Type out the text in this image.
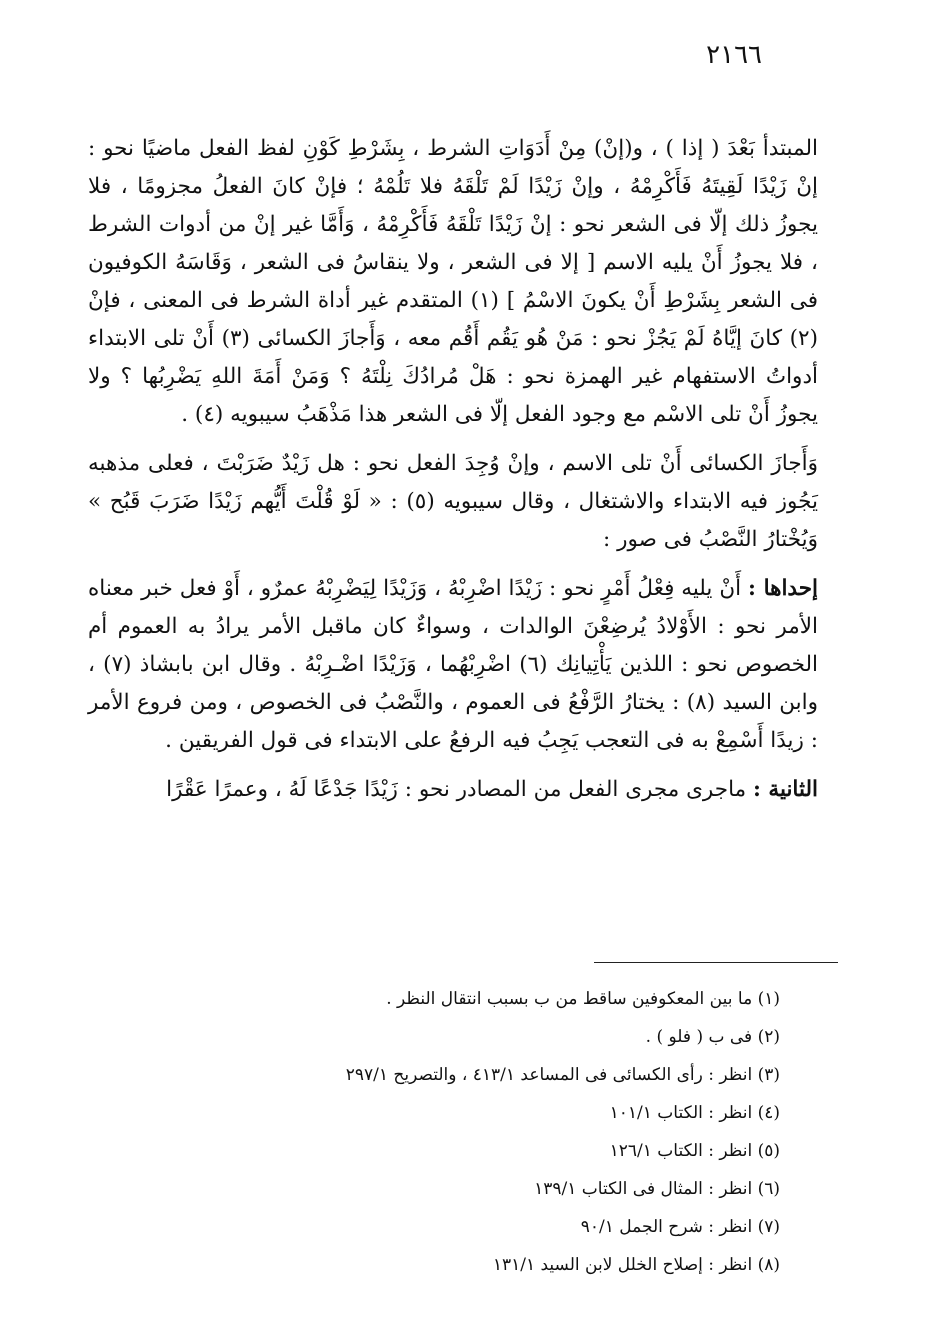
٢١٦٦

المبتدأ بَعْدَ ( إذا ) ، و(إنْ) مِنْ أَدَوَاتِ الشرط ، بِشَرْطِ كَوْنِ لفظ الفعل ماضيًا نحو : إنْ زَيْدًا لَقِيتَهُ فَأَكْرِمْهُ ، وإنْ زَيْدًا لَمْ تَلْقَهُ فلا تَلُمْهُ ؛ فإنْ كانَ الفعلُ مجزومًا ، فلا يجوزُ ذلك إلّا فى الشعر نحو : إنْ زَيْدًا تَلْقَهُ فَأَكْرِمْهُ ، وَأَمَّا غير إنْ من أدوات الشرط ، فلا يجوزُ أَنْ يليه الاسم [ إلا فى الشعر ، ولا ينقاسُ فى الشعر ، وَقَاسَهُ الكوفيون فى الشعر بِشَرْطِ أَنْ يكونَ الاسْمُ ] (١) المتقدم غير أداة الشرط فى المعنى ، فإنْ (٢) كانَ إيَّاهُ لَمْ يَجُزْ نحو : مَنْ هُو يَقُم أَقُم معه ، وَأَجازَ الكسائى (٣) أَنْ تلى الابتداء أدواتُ الاستفهام غير الهمزة نحو : هَلْ مُرادُكَ نِلْتَهُ ؟ وَمَنْ أَمَةَ اللهِ يَضْرِبُها ؟ ولا يجوزُ أَنْ تلى الاسْم مع وجود الفعل إلّا فى الشعر هذا مَذْهَبُ سيبويه (٤) .

وَأَجازَ الكسائى أَنْ تلى الاسم ، وإنْ وُجِدَ الفعل نحو : هل زَيْدٌ ضَرَبْتَ ، فعلى مذهبه يَجُوز فيه الابتداء والاشتغال ، وقال سيبويه (٥) : « لَوْ قُلْتَ أَيُّهم زَيْدًا ضَرَبَ قَبُح » وَيُخْتارُ النَّصْبُ فى صور :

إحداها : أَنْ يليه فِعْلُ أَمْرٍ نحو : زَيْدًا اضْرِبْهُ ، وَزَيْدًا لِيَضْرِبْهُ عمرٌو ، أَوْ فعل خبر معناه الأمر نحو : الأَوْلادُ يُرضِعْنَ الوالدات ، وسواءٌ كان ماقبل الأمر يرادُ به العموم أم الخصوص نحو : اللذين يَأْتِيانِك (٦) اضْرِبْهُما ، وَزَيْدًا اضْـرِبْهُ . وقال ابن بابشاذ (٧) ، وابن السيد (٨) : يختارُ الرَّفْعُ فى العموم ، والنَّصْبُ فى الخصوص ، ومن فروع الأمر : زيدًا أَسْمِعْ به فى التعجب يَجِبُ فيه الرفعُ على الابتداء فى قول الفريقين .

الثانية : ماجرى مجرى الفعل من المصادر نحو : زَيْدًا جَدْعًا لَهُ ، وعمرًا عَقْرًا

(١) ما بين المعكوفين ساقط من ب بسبب انتقال النظر .
(٢) فى ب ( فلو ) .
(٣) انظر : رأى الكسائى فى المساعد ٤١٣/١ ، والتصريح ٢٩٧/١
(٤) انظر : الكتاب ١٠١/١
(٥) انظر : الكتاب ١٢٦/١
(٦) انظر : المثال فى الكتاب ١٣٩/١
(٧) انظر : شرح الجمل ٩٠/١
(٨) انظر : إصلاح الخلل لابن السيد ١٣١/١
